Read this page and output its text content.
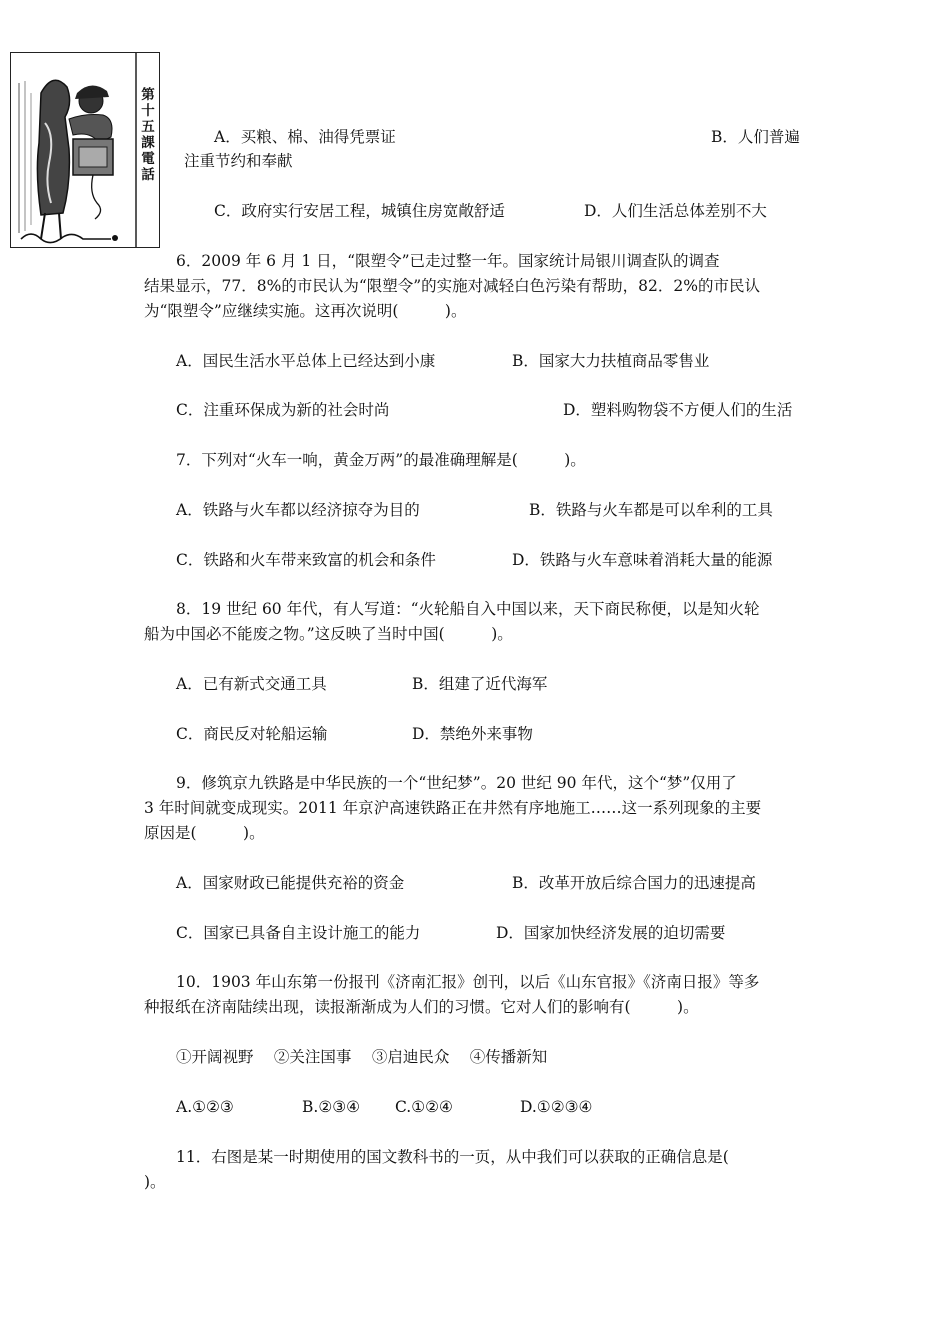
第
十
五
課
電
話
A．买粮、棉、油得凭票证	B．人们普遍
注重节约和奉献
C．政府实行安居工程，城镇住房宽敞舒适	D．人们生活总体差别不大
6．2009 年 6 月 1 日，“限塑令”已走过整一年。国家统计局银川调查队的调查
结果显示，77．8%的市民认为“限塑令”的实施对减轻白色污染有帮助，82．2%的市民认
为“限塑令”应继续实施。这再次说明(　　　)。
A．国民生活水平总体上已经达到小康	B．国家大力扶植商品零售业
C．注重环保成为新的社会时尚	D．塑料购物袋不方便人们的生活
7．下列对“火车一响，黄金万两”的最准确理解是(　　　)。
A．铁路与火车都以经济掠夺为目的	B．铁路与火车都是可以牟利的工具
C．铁路和火车带来致富的机会和条件	D．铁路与火车意味着消耗大量的能源
8．19 世纪 60 年代，有人写道：“火轮船自入中国以来，天下商民称便，以是知火轮
船为中国必不能废之物。”这反映了当时中国(　　　)。
A．已有新式交通工具	B．组建了近代海军
C．商民反对轮船运输	D．禁绝外来事物
9．修筑京九铁路是中华民族的一个“世纪梦”。20 世纪 90 年代，这个“梦”仅用了
3 年时间就变成现实。2011 年京沪高速铁路正在井然有序地施工……这一系列现象的主要
原因是(　　　)。
A．国家财政已能提供充裕的资金	B．改革开放后综合国力的迅速提高
C．国家已具备自主设计施工的能力	D．国家加快经济发展的迫切需要
10．1903 年山东第一份报刊《济南汇报》创刊，以后《山东官报》《济南日报》等多
种报纸在济南陆续出现，读报渐渐成为人们的习惯。它对人们的影响有(　　　)。
①开阔视野　 ②关注国事　 ③启迪民众　 ④传播新知
A.①②③	B.②③④ C.①②④	D.①②③④
11．右图是某一时期使用的国文教科书的一页，从中我们可以获取的正确信息是(
)。
